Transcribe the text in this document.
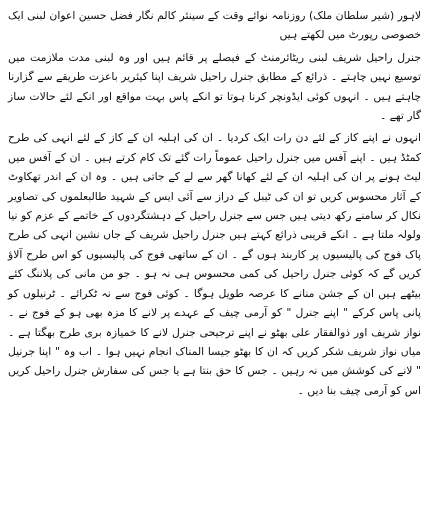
لاہور (شیر سلطان ملک) روزنامہ نوائے وقت کے سینئر کالم نگار فضل حسین اعوان لبنی ایک خصوصی رپورٹ میں لکھتے ہیں

جنرل راحیل شریف لبنی ریٹائرمنٹ کے فیصلے پر قائم ہیں اور وہ لبنی مدت ملازمت میں توسیع نہیں چاہتے ۔ ذرائع کے مطابق جنرل راحیل شریف اپنا کیئریر باعزت طریقے سے گزارنا چاہتے ہیں ۔ انہوں کوئی ایڈونچر کرنا ہوتا تو انکے پاس بہت مواقع اور انکے لئے حالات ساز گار تھے ۔

انہوں نے اپنے کاز کے لئے دن رات ایک کردیا ۔ ان کی اہلیہ ان کے کاز کے لئے انہی کی طرح کمٹڈ ہیں ۔ اپنے آفس میں جنرل راحیل عموماً رات گئے تک کام کرتے ہیں ۔ ان کے آفس میں لیٹ ہونے پر ان کی اہلیہ ان کے لئے کھانا گھر سے لے کے جاتی ہیں ۔ وہ ان کے اندر تھکاوٹ کے آثار محسوس کریں تو ان کی ٹیبل کے دراز سے آئی ایس کے شہید طالبعلموں کی تصاویر نکال کر سامنے رکھ دیتی ہیں جس سے جنرل راحیل کے دہشتگردوں کے خاتمے کے عزم کو نیا ولولہ ملتا ہے ۔ انکے قریبی ذرائع کہتے ہیں جنرل راحیل شریف کے جاں نشین انہی کی طرح پاک فوج کی پالیسیوں پر کاربند ہوں گے ۔ ان کے ساتھی فوج کی پالیسیوں کو اس طرح آلاؤ کریں گے کہ کوئی جنرل راحیل کی کمی محسوس ہی نہ ہو ۔ جو من مانی کی پلاننگ کئے بیٹھے ہیں ان کے جشن منانے کا عرصہ طویل ہوگا ۔ کوئی فوج سے نہ ٹکرائے ۔ ٹرنیلوں کو پانی پاس کرکے " اپنے جنرل " کو آرمی چیف کے عہدے پر لانے کا مزہ بھی ہو کے فوج نے ۔ نواز شریف اور ذوالفقار علی بھٹو نے اپنے ترجیحی جنرل لانے کا خمیازہ بری طرح بھگتا ہے ۔ میاں نواز شریف شکر کریں کہ ان کا بھٹو جیسا المناک انجام نہیں ہوا ۔ اب وہ " اپنا جرنیل " لانے کی کوشش میں نہ رہیں ۔ جس کا حق بنتا ہے یا جس کی سفارش جنرل راحیل کریں اس کو آرمی چیف بنا دیں ۔
